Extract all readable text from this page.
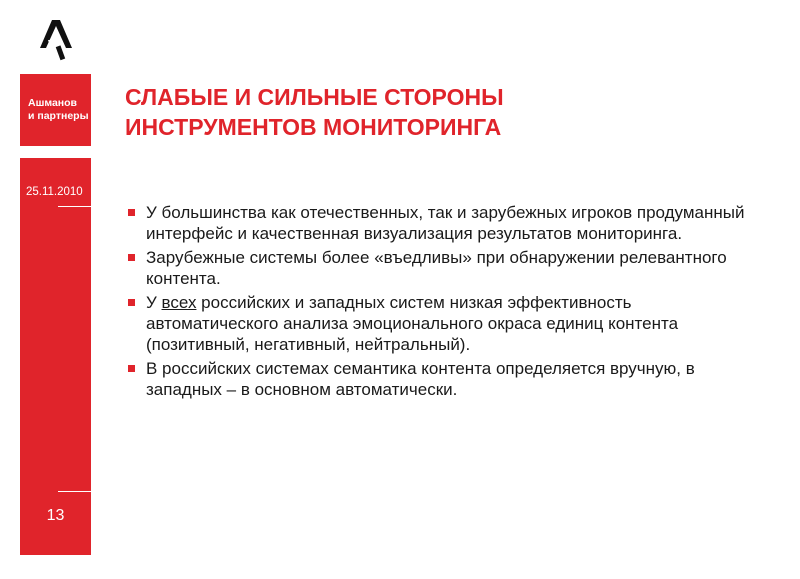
Ашманов
и партнеры
25.11.2010
13
СЛАБЫЕ И СИЛЬНЫЕ СТОРОНЫ
ИНСТРУМЕНТОВ МОНИТОРИНГА
У большинства как отечественных, так и зарубежных игроков продуманный интерфейс и качественная визуализация результатов мониторинга.
Зарубежные системы более «въедливы» при обнаружении релевантного контента.
У всех российских и западных систем низкая эффективность автоматического анализа эмоционального окраса единиц контента (позитивный, негативный, нейтральный).
В российских системах семантика контента определяется вручную, в западных – в основном автоматически.
